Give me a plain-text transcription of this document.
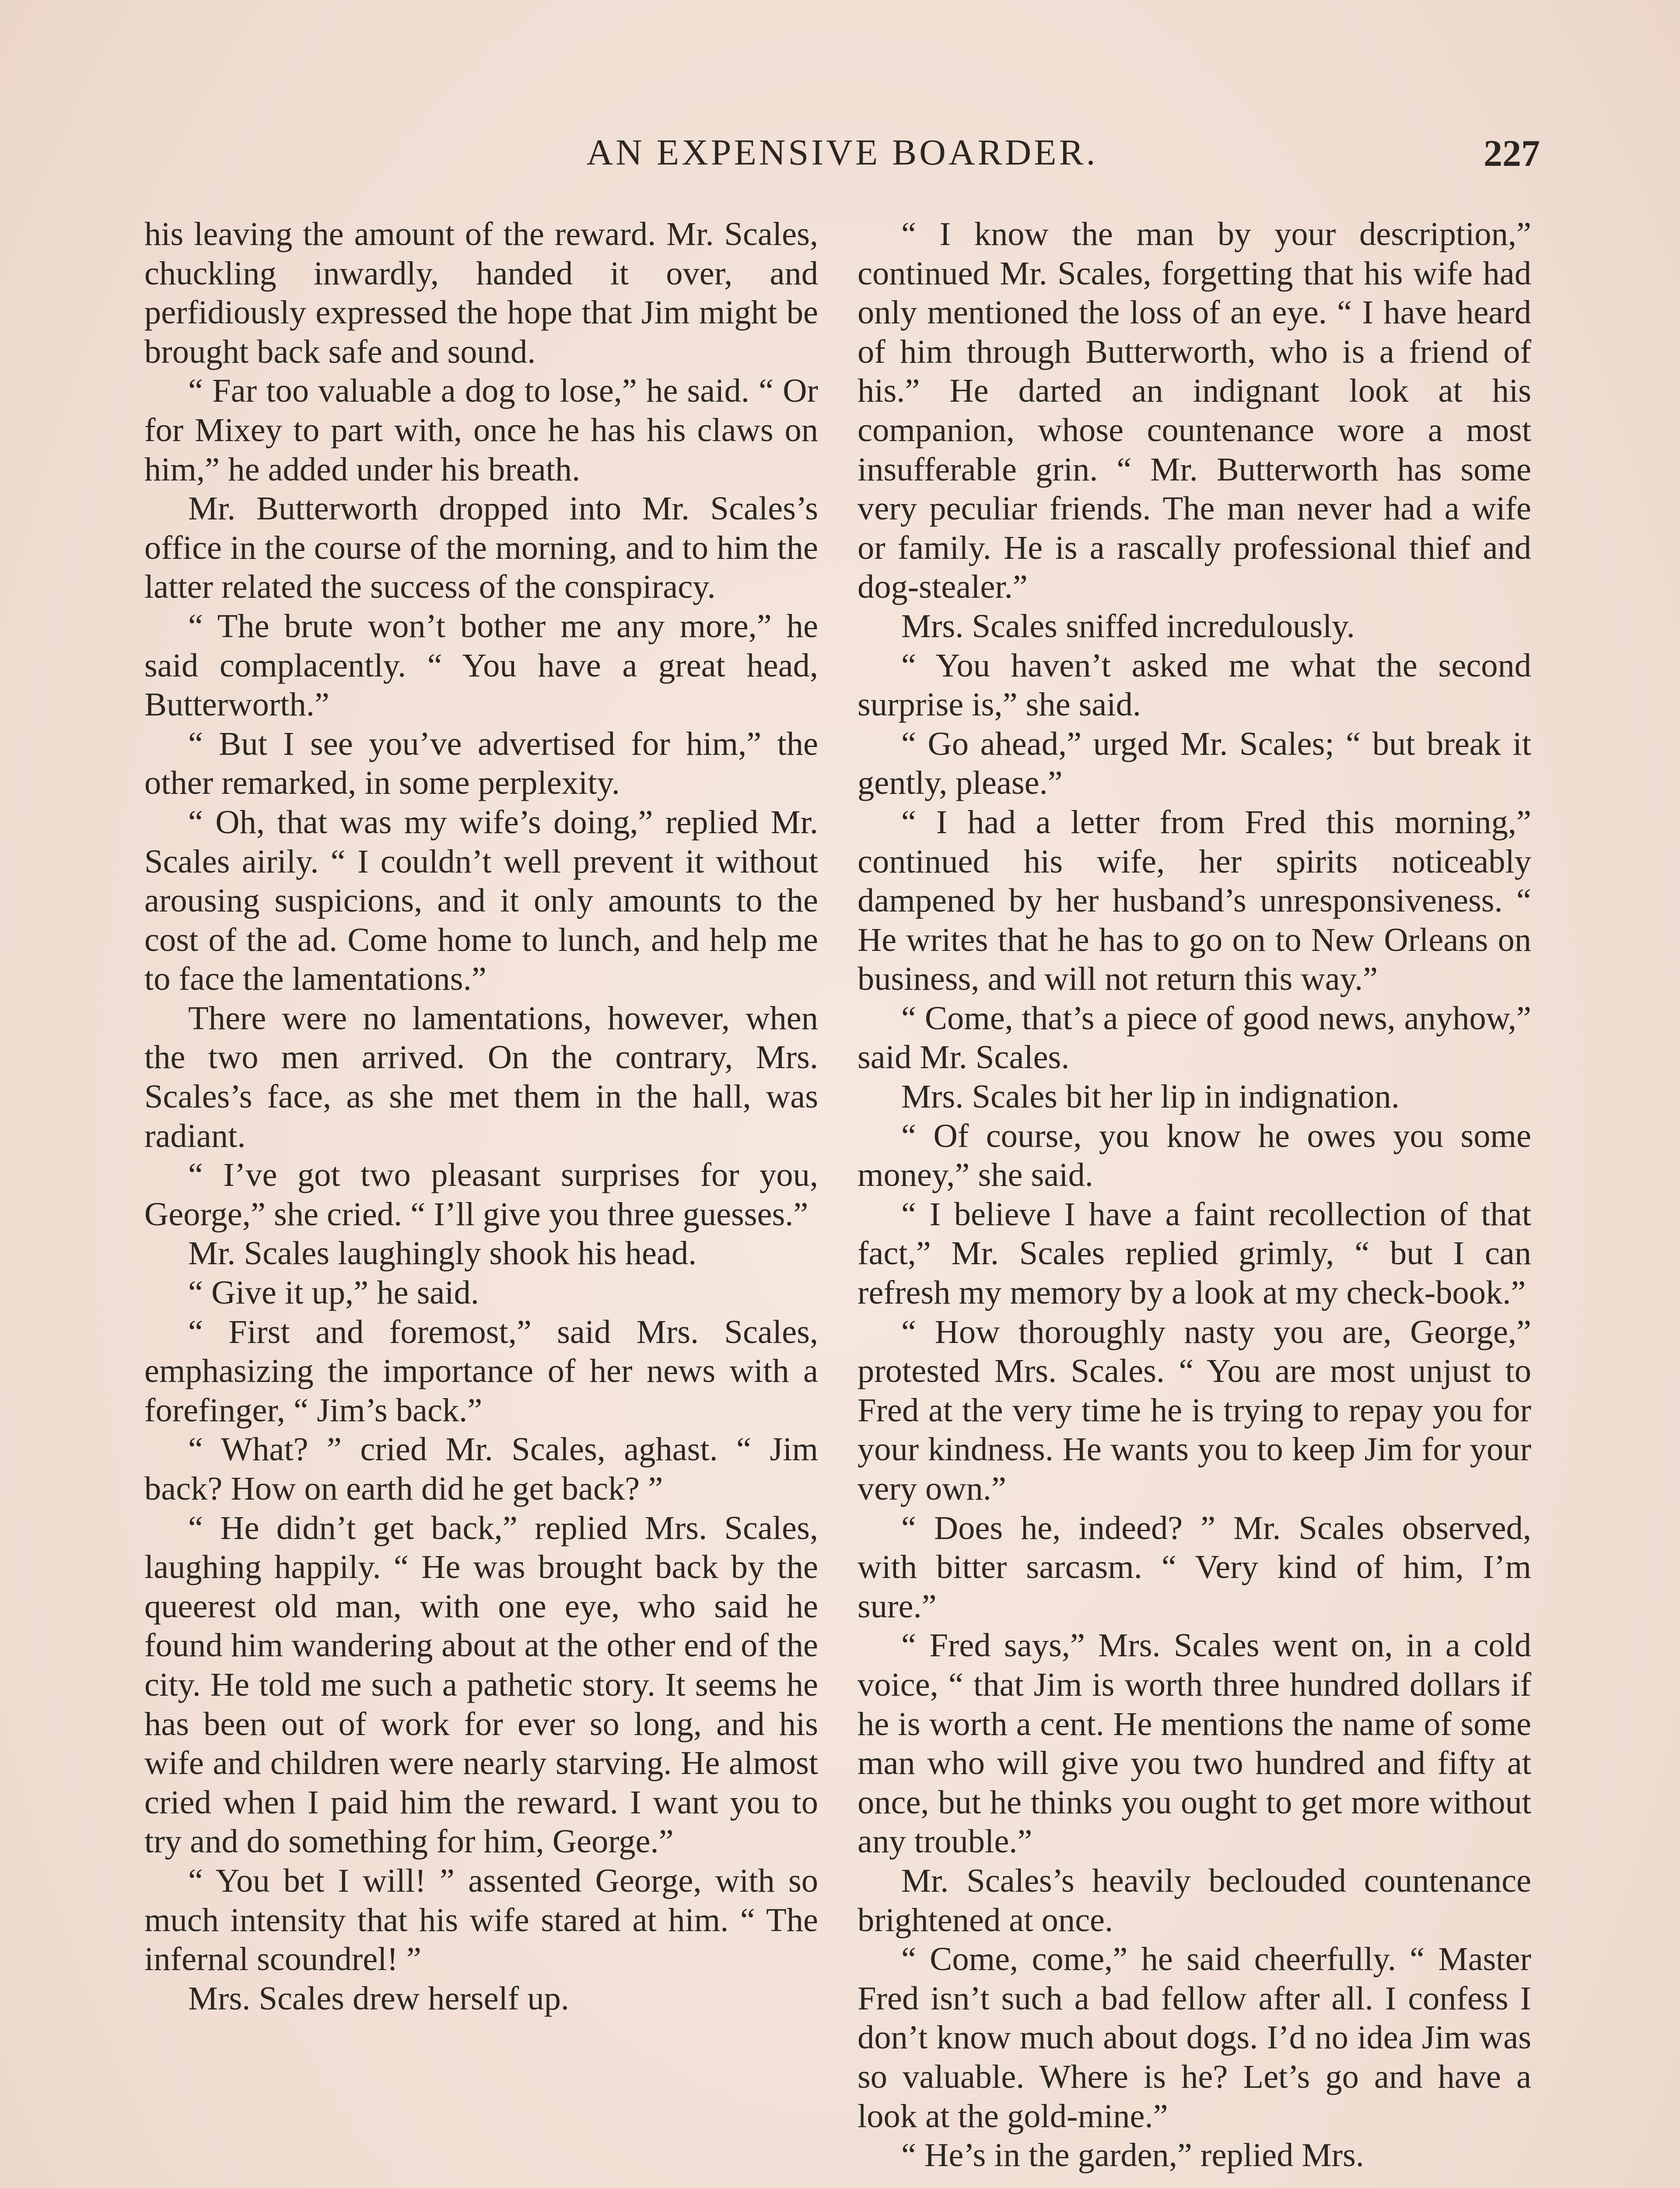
AN EXPENSIVE BOARDER.	227

his leaving the amount of the reward. Mr. Scales, chuckling inwardly, handed it over, and perfidiously expressed the hope that Jim might be brought back safe and sound.

“ Far too valuable a dog to lose,” he said. “ Or for Mixey to part with, once he has his claws on him,” he added under his breath.

Mr. Butterworth dropped into Mr. Scales’s office in the course of the morning, and to him the latter related the success of the conspiracy.

“ The brute won’t bother me any more,” he said complacently. “ You have a great head, Butterworth.”

“ But I see you’ve advertised for him,” the other remarked, in some perplexity.

“ Oh, that was my wife’s doing,” replied Mr. Scales airily. “ I couldn’t well prevent it without arousing suspicions, and it only amounts to the cost of the ad. Come home to lunch, and help me to face the lamentations.”

There were no lamentations, however, when the two men arrived. On the contrary, Mrs. Scales’s face, as she met them in the hall, was radiant.

“ I’ve got two pleasant surprises for you, George,” she cried. “ I’ll give you three guesses.”

Mr. Scales laughingly shook his head.

“ Give it up,” he said.

“ First and foremost,” said Mrs. Scales, emphasizing the importance of her news with a forefinger, “ Jim’s back.”

“ What? ” cried Mr. Scales, aghast. “ Jim back? How on earth did he get back? ”

“ He didn’t get back,” replied Mrs. Scales, laughing happily. “ He was brought back by the queerest old man, with one eye, who said he found him wandering about at the other end of the city. He told me such a pathetic story. It seems he has been out of work for ever so long, and his wife and children were nearly starving. He almost cried when I paid him the reward. I want you to try and do something for him, George.”

“ You bet I will! ” assented George, with so much intensity that his wife stared at him. “ The infernal scoundrel! ”

Mrs. Scales drew herself up.

“ I know the man by your description,” continued Mr. Scales, forgetting that his wife had only mentioned the loss of an eye. “ I have heard of him through Butterworth, who is a friend of his.” He darted an indignant look at his companion, whose countenance wore a most insufferable grin. “ Mr. Butterworth has some very peculiar friends. The man never had a wife or family. He is a rascally professional thief and dog-stealer.”

Mrs. Scales sniffed incredulously.

“ You haven’t asked me what the second surprise is,” she said.

“ Go ahead,” urged Mr. Scales; “ but break it gently, please.”

“ I had a letter from Fred this morning,” continued his wife, her spirits noticeably dampened by her husband’s unresponsiveness. “ He writes that he has to go on to New Orleans on business, and will not return this way.”

“ Come, that’s a piece of good news, anyhow,” said Mr. Scales.

Mrs. Scales bit her lip in indignation.

“ Of course, you know he owes you some money,” she said.

“ I believe I have a faint recollection of that fact,” Mr. Scales replied grimly, “ but I can refresh my memory by a look at my check-book.”

“ How thoroughly nasty you are, George,” protested Mrs. Scales. “ You are most unjust to Fred at the very time he is trying to repay you for your kindness. He wants you to keep Jim for your very own.”

“ Does he, indeed? ” Mr. Scales observed, with bitter sarcasm. “ Very kind of him, I’m sure.”

“ Fred says,” Mrs. Scales went on, in a cold voice, “ that Jim is worth three hundred dollars if he is worth a cent. He mentions the name of some man who will give you two hundred and fifty at once, but he thinks you ought to get more without any trouble.”

Mr. Scales’s heavily beclouded countenance brightened at once.

“ Come, come,” he said cheerfully. “ Master Fred isn’t such a bad fellow after all. I confess I don’t know much about dogs. I’d no idea Jim was so valuable. Where is he? Let’s go and have a look at the gold-mine.”

“ He’s in the garden,” replied Mrs.
